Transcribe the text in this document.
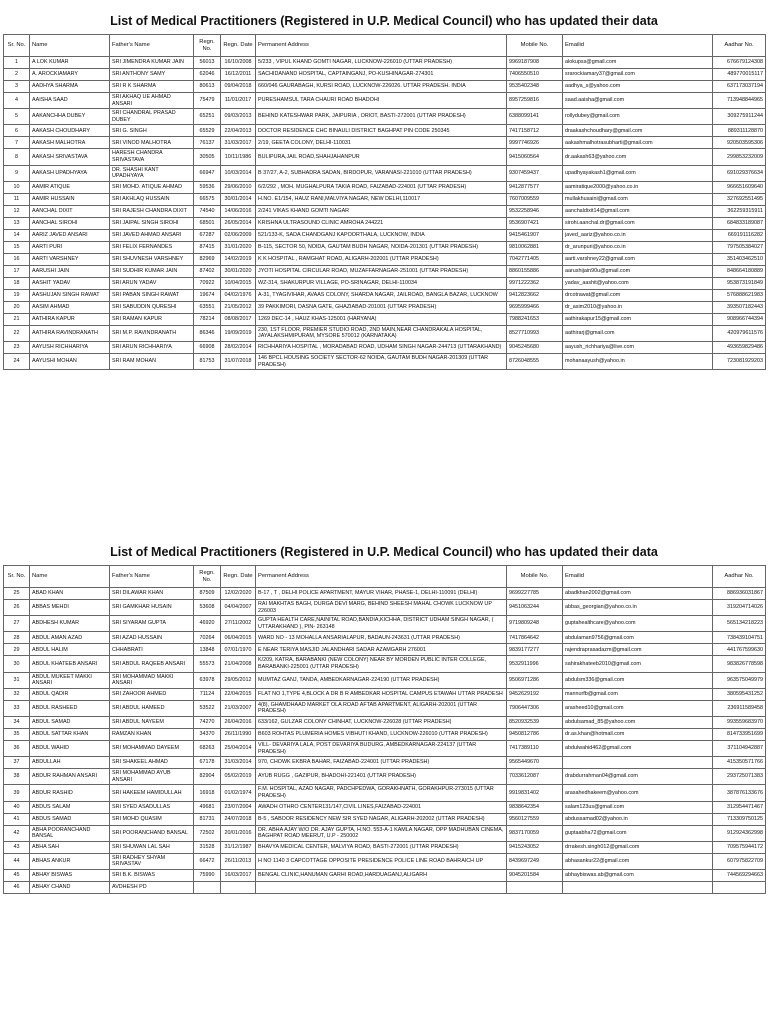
List of Medical Practitioners (Registered in U.P. Medical Council) who has updated their data
Sr. No.	Name	Father's Name	Regn. No.	Regn. Date	Permanent Address	Mobile No.	Emailid	Aadhar No.
1	A LOK KUMAR	SRI JIMENDRA KUMAR JAIN	56013	16/10/2008	5/233 , VIPUL KHAND GOMTI NAGAR, LUCKNOW-226010 (UTTAR PRADESH)	9969187908	alokupss@gmail.com	676679124308
2	A. AROCKIAMARY	SRI ANTHONY SAMY	62046	16/12/2011	SACHIDANAND HOSPITAL, CAPTAINGANJ, PO-KUSHINAGAR-274301	7406550510	srarockiamary37@gmail.com	489770015117
3	AADHYA SHARMA	SRI R K SHARMA	80613	09/04/2018	660/046 GAURABAGH, KURSI ROAD, LUCKNOW-226026. UTTAR PRADESH. INDIA	9535402348	aadhya_s@yahoo.com	637173037194
4	AAISHA SAAD	SRI AKHAQ UE AHMAD ANSARI	75479	11/01/2017	PURESHAMSUL TARA CHAURI ROAD BHADOHI	8957259816	saad.aaisha@gmail.com	713948844965
5	AAKANCHHA DUBEY	SRI CHANDRAL PRASAD DUBEY	65251	09/03/2013	BEHIND KATESHWAR PARK, JAIPURIA , ORIOT, BASTI-272001 (UTTAR PRADESH)	6388099141	rollydubey@gmail.com	309275911244
6	AAKASH CHOUDHARY	SRI G. SINGH	65529	22/04/2013	DOCTOR RESIDENCE CHC BINAULI DISTRICT BAGHPAT PIN CODE 250345	7417158712	draakashchoudhary@gmail.com	889311128870
7	AAKASH MALHOTRA	SRI VINOD MALHOTRA	76137	31/03/2017	2/19, GEETA COLONY, DELHI-110031	9997746926	aakashmalhotrasubharti@gmail.com	920503595306
8	AAKASH SRIVASTAVA	HARESH CHANDRA SRIVASTAVA	30505	10/11/1986	BULIPURA,JAIL ROAD,SHAHJAHANPUR	9415060564	dr.aakash63@yahoo.com	299853232009
9	AAKASH UPADHYAYA	DR. SHASHI KANT UPADHYAYA	66947	10/03/2014	B 37/27, A-2, SUBHADRA SADAN, BIRDOPUR, VARANASI-221010 (UTTAR PRADESH)	9307459437	upadhyayakash1@gmail.com	691029376634
10	AAMIR ATIQUE	SRI MOHD. ATIQUE AHMAD	59536	29/06/2010	6/2/292 , MOH. MUGHALPURA TAKIA ROAD, FAIZABAD-224001 (UTTAR PRADESH)	9412877577	aamiratique2000@yahoo.co.in	966651609640
11	AAMIR HUSSAIN	SRI AKHLAQ HUSSAIN	66575	30/01/2014	H.NO. E1/154, HAUZ RANI,MALVIYA NAGAR, NEW DELHI,110017	7607009559	mullakhusaini@gmail.com	327692551495
12	AANCHAL DIXIT	SRI RAJESH CHANDRA DIXIT	74540	14/06/2016	2/241 VIKAS KHAND GOMTI NAGAR	9532258946	aanchaldixit14@gmail.com	362259315911
13	AANCHAL SIROHI	SRI JAIPAL SINGH SIROHI	68501	26/05/2014	KRISHNA ULTRASOUND CLINIC AMROHA 244221	9536907421	sirohi.aanchal.dr@gmail.com	684833189087
14	AARIZ JAVED ANSARI	SRI JAVED AHMAD ANSARI	67287	02/06/2009	521/133-K, SADA CHANDGANJ KAPOORTHALA, LUCKNOW, INDIA	9415461907	javed_aariz@yahoo.co.in	669191116282
15	AARTI PURI	SRI FELIX FERNANDES	87415	31/01/2020	B-115, SECTOR 50, NOIDA, GAUTAM BUDH NAGAR, NOIDA-201301 (UTTAR PRADESH)	9810062881	dr_arunpuri@yahoo.co.in	797505384027
16	AARTI VARSHNEY	SRI SHUVNESH VARSHNEY	82969	14/02/2019	K K HOSPITAL , RAMGHAT ROAD, ALIGARH-202001 (UTTAR PRADESH)	7042771405	aarti.varshney22@gmail.com	351403462510
17	AARUSHI JAIN	SRI SUDHIR KUMAR JAIN	87402	30/01/2020	JYOTI HOSPITAL CIRCULAR ROAD, MUZAFFARNAGAR-251001 (UTTAR PRADESH)	8860155886	aarushijain90u@gmail.com	848664180889
18	AASHIT YADAV	SRI ARUN YADAV	70922	10/04/2015	WZ-314, SHAKURPUR VILLAGE, PO-SRINAGAR, DELHI-110034	9971222362	yadav_aashit@yahoo.com	953873191849
19	AASHUJAN SINGH RAWAT	SRI PABAN SINGH RAWAT	19674	04/02/1976	A-31, TYAGIVIHAR, AVAAS COLONY, SHARDA NAGAR, JAILROAD, BANGLA BAZAR, LUCKNOW	9412823662	drcotrawat@gmail.com	576888621983
20	AASIM AHMAD	SRI SABUDDIN QURESHI	63551	21/05/2012	39 PAKKIMORI, DASNA GATE, GHAZIABAD-201001 (UTTAR PRADESH)	9695999466	dr_asim2010@yahoo.in	393507182443
21	AATHIRA KAPUR	SRI RAMAN KAPUR	78214	08/08/2017	1269 DEC-14 , HAUZ KHAS-125001 (HARYANA)	7988241653	aathirakapur15@gmail.com	908966744394
22	AATHIRA RAVINDRANATH	SRI M.P. RAVINDRANATH	86346	19/09/2019	230, 1ST FLOOR, PREMIER STUDIO ROAD, 2ND MAIN,NEAR CHANDRAKALA HOSPITAL, JAYALAKSHMIPURAM, MYSORE 570012 (KARNATAKA)	8527710993	aathirarj@gmail.com	420979611576
23	AAYUSH RICHHARIYA	SRI ARUN RICHHARIYA	66908	28/02/2014	RICHHARIYA HOSPITAL , MORADABAD ROAD, UDHAM SINGH NAGAR-244713 (UTTARAKHAND)	9045245680	aayush_richhariya@live.com	493659829486
24	AAYUSHI MOHAN	SRI RAM MOHAN	81753	31/07/2018	146 BPCL HOUSING SOCIETY SECTOR-62 NOIDA, GAUTAM BUDH NAGAR-201309 (UTTAR PRADESH)	8726048555	mohanaayush@yahoo.in	723081929203
List of Medical Practitioners (Registered in U.P. Medical Council) who has updated their data
Sr. No.	Name	Father's Name	Regn. No.	Regn. Date	Permanent Address	Mobile No.	Emailid	Aadhar No.
25	ABAD KHAN	SRI DILAWAR KHAN	87509	12/02/2020	B-17 , T , DELHI POLICE APARTMENT, MAYUR VIHAR, PHASE-1, DELHI-110091 (DELHI)	9699227785	abadkhan2002@gmail.com	886936031867
26	ABBAS MEHDI	SRI GAMKHAR HUSAIN	53608	04/04/2007	RAI MAKHTAS BAGH, DURGA DEVI MARG, BEHIND SHEESH MAHAL CHOWK LUCKNOW UP 226003	9451063244	abbas_georgian@yahoo.co.in	319204714026
27	ABDHESH KUMAR	SRI SIYARAM GUPTA	46920	27/11/2002	GUPTA HEALTH CARE,NAINITAL ROAD,BANDIA,KICHHA, DISTRICT UDHAM SINGH NAGAR, ( UTTARAKHAND ), PIN- 263148	9719809248	guptahealthcare@yahoo.com	565134218223
28	ABDUL AMAN AZAD	SRI AZAD HUSSAIN	70264	06/04/2015	WARD NO - 13 MOHALLA ANSARIALAPUR, BADAUN-243631 (UTTAR PRADESH)	7417864642	abdulaman9756@gmail.com	738439104751
29	ABDUL HALIM	CHHABRATI	13848	07/01/1970	E NEAR TERIYA MASJID JALANDHARI SADAR AZAMGARH 276001	9839177277	rajendraprasadazm@gmail.com	441767599630
30	ABDUL KHATEEB ANSARI	SRI ABDUL RAQEEB ANSARI	55573	21/04/2008	K/209, KATRA, BARABANKI (NEW COLONY) NEAR BY MORDEN PUBLIC INTER COLLEGE, BARABANKI-225001 (UTTAR PRADESH)	9532911996	sahirakhateeb2010@gmail.com	983826778598
31	ABDUL MUKEET MAKKI ANSARI	SRI MOHAMMAD MAKKI ANSARI	63978	29/05/2012	MUMTAZ GANJ, TANDA, AMBEDKARNAGAR-224190 (UTTAR PRADESH)	9506971286	abdulsm336@gmail.com	963575049979
32	ABDUL QADIR	SRI ZAHOOR AHMED	71124	22/04/2015	FLAT NO 1,TYPE 4,BLOCK A DR B R AMBEDKAR HOSPITAL CAMPUS ETAWAH UTTAR PRADESH	9452629192	mannurfb@gmail.com	380595431252
33	ABDUL RASHEED	SRI ABDUL HAMEED	53522	21/03/2007	4(8), GHAMDHAAD MARKET OLA ROAD AFTAB APARTMENT, ALIGARH-202001 (UTTAR PRADESH)	7906447306	arasheed10@gmail.com	236911589458
34	ABDUL SAMAD	SRI ABDUL NAYEEM	74270	26/04/2016	633/162, GULZAR COLONY CHINHAT, LUCKNOW-226028 (UTTAR PRADESH)	8520932539	abdulsamad_85@yahoo.com	993559683970
35	ABDUL SATTAR KHAN	RAMZAN KHAN	34370	26/11/1990	B603 ROHTAS PLUMERIA HOMES VIBHUTI KHAND, LUCKNOW-226010 (UTTAR PRADESH)	9450812786	dr.as.khan@hotmail.com	814733951699
36	ABDUL WAHID	SRI MOHAMMAD DAYEEM	68263	25/04/2014	VILL- DEVARIYA LALA, POST DEVARIYA BUDURG, AMBEDKARNAGAR-224137 (UTTAR PRADESH)	7417389110	abdulwahid462@gmail.com	371104942887
37	ABDULLAH	SRI SHAKEEL AHMAD	67178	31/03/2014	970, CHOWK EKBRA BAHAR, FAIZABAD-224001 (UTTAR PRADESH)	9565449670		415350571766
38	ABDUR RAHMAN ANSARI	SRI MOHAMMAD AYUB ANSARI	82904	05/02/2019	AYUB RUGG , GAZIPUR, BHADOHI-221401 (UTTAR PRADESH)	7033612087	drabdurrahman04@gmail.com	293725071383
39	ABDUR RASHID	SRI HAKEEM HAMIDULLAH	16918	01/02/1974	F.M. HOSPITAL, AZAD NAGAR, PADCHPEDWA, GORAKHNATH, GORAKHPUR-273015 (UTTAR PRADESH)	9919831402	arasahedhakeem@yahoo.com	387876133676
40	ABDUS SALAM	SRI SYED ASADULLAS	49681	23/07/2004	AWADH OTHRO CENTER131/147,CIVIL LINES,FAIZABAD-224001	9838642354	salam123us@gmail.com	312954471467
41	ABDUS SAMAD	SRI MOHD QUASIM	81731	24/07/2018	B-5 , SABOOR RESIDENCY NEW SIR SYED NAGAR, ALIGARH-202002 (UTTAR PRADESH)	9560127559	abdussamad02@yahoo.in	713309750125
42	ABHA POORANCHAND BANSAL	SRI POORANCHAND BANSAL	72502	20/01/2016	DR. ABHA AJAY W/O DR. AJAY GUPTA, H.NO. 553-A-1 KAMLA NAGAR, OPP MADHUBAN CINEMA, BAGHPAT ROAD MEERUT, U.P - 250002	9837170059	guptaabha72@gmail.com	912924362998
43	ABHA SAH	SRI SHUWAN LAL SAH	31528	31/12/1987	BHAVYA MEDICAL CENTER, MALVIYA ROAD, BASTI-272001 (UTTAR PRADESH)	9415243052	drrakesh.singh012@gmail.com	709575944172
44	ABHAS ANKUR	SRI RADHEY SHYAM SRIVASTAV	66472	26/11/2013	H NO 1140 3 CAPCOTTAGE OPPOSITE PRESIDENCE POLICE LINE ROAD BAHRAICH UP	8439697249	abhasankur22@gmail.com	607975822709
45	ABHAY BISWAS	SRI B.K. BISWAS	75990	16/03/2017	BENGAL CLINIC,HANUMAN GARHI ROAD,HARDUAGANJ,ALIGARH	9045201584	abhaybiswas.ab@gmail.com	744569294663
46	ABHAY CHAND	AVDHESH PD						
